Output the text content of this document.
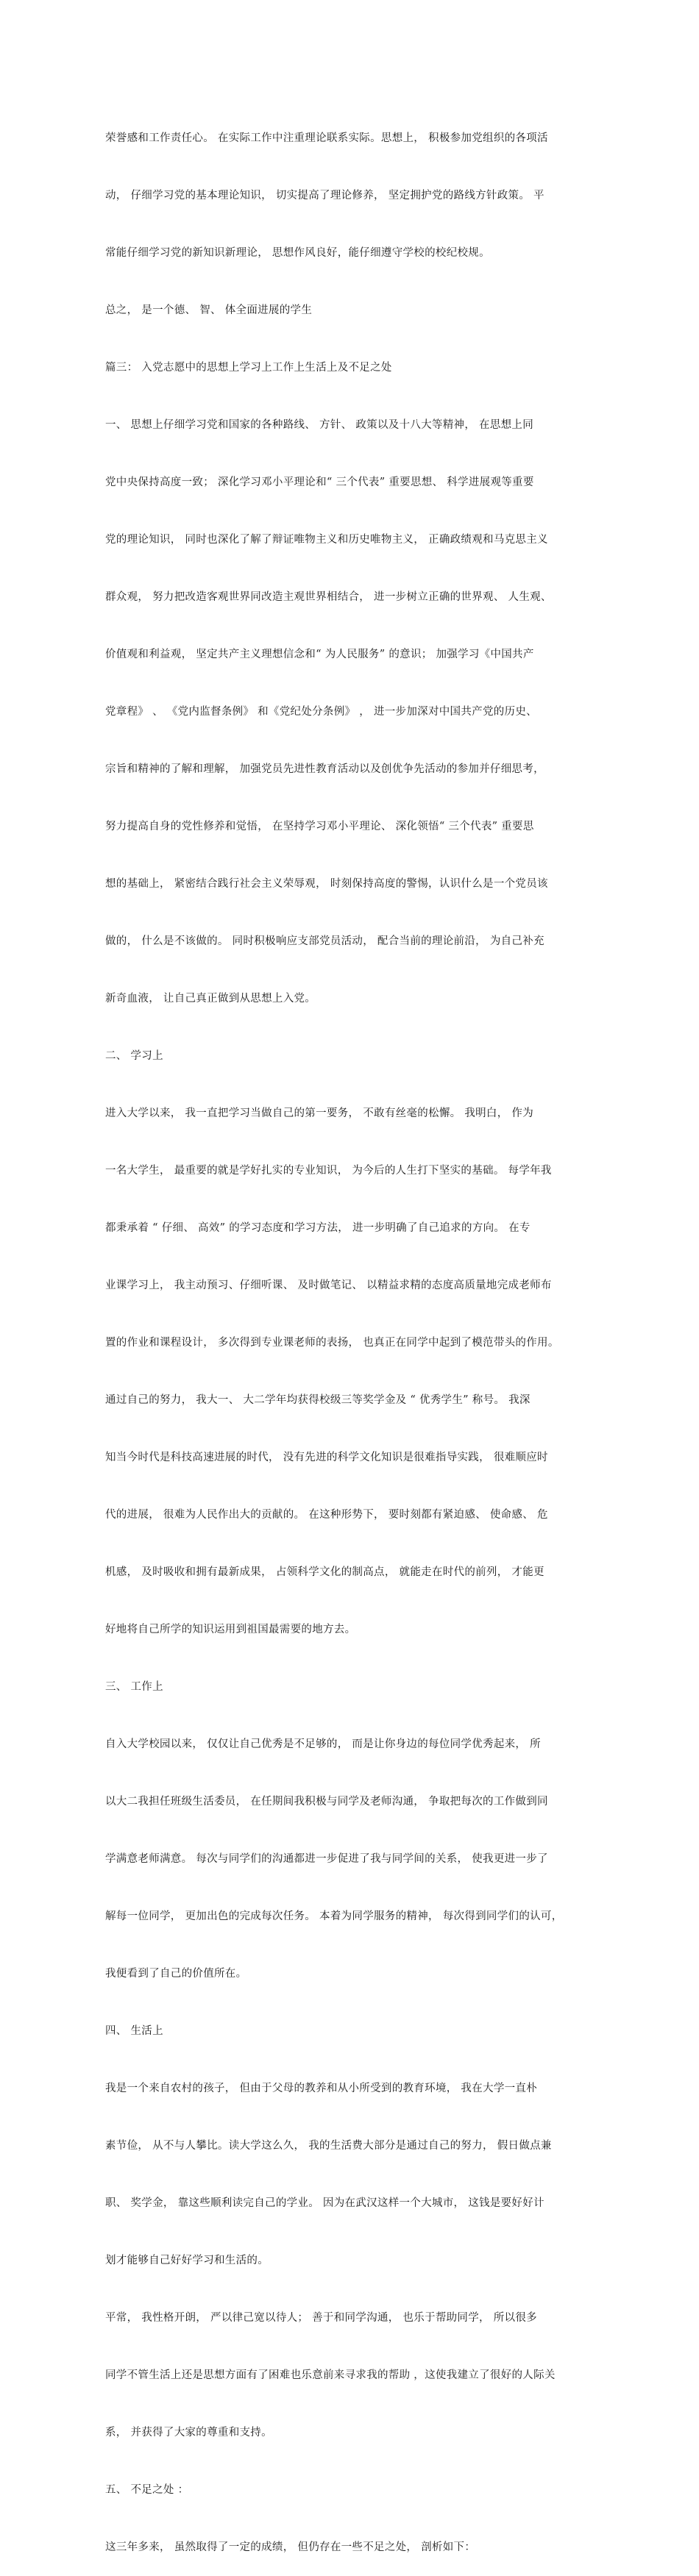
荣誉感和工作责任心。 在实际工作中注重理论联系实际。思想上， 积极参加党组织的各项活

动， 仔细学习党的基本理论知识， 切实提高了理论修养， 坚定拥护党的路线方针政策。 平

常能仔细学习党的新知识新理论， 思想作风良好，能仔细遵守学校的校纪校规。

总之， 是一个德、 智、 体全面进展的学生

篇三： 入党志愿中的思想上学习上工作上生活上及不足之处

一、 思想上仔细学习党和国家的各种路线、 方针、 政策以及十八大等精神， 在思想上同

党中央保持高度一致； 深化学习邓小平理论和“ 三个代表” 重要思想、 科学进展观等重要

党的理论知识， 同时也深化了解了辩证唯物主义和历史唯物主义， 正确政绩观和马克思主义

群众观， 努力把改造客观世界同改造主观世界相结合， 进一步树立正确的世界观、 人生观、

价值观和利益观， 坚定共产主义理想信念和“ 为人民服务” 的意识； 加强学习《中国共产

党章程》 、 《党内监督条例》 和《党纪处分条例》 ， 进一步加深对中国共产党的历史、

宗旨和精神的了解和理解， 加强党员先进性教育活动以及创优争先活动的参加并仔细思考，

努力提高自身的党性修养和觉悟， 在坚持学习邓小平理论、 深化领悟“ 三个代表” 重要思

想的基础上， 紧密结合践行社会主义荣辱观， 时刻保持高度的警惕，认识什么是一个党员该

做的， 什么是不该做的。 同时积极响应支部党员活动， 配合当前的理论前沿， 为自己补充

新奇血液， 让自己真正做到从思想上入党。

二、 学习上

进入大学以来， 我一直把学习当做自己的第一要务， 不敢有丝毫的松懈。 我明白， 作为

一名大学生， 最重要的就是学好扎实的专业知识， 为今后的人生打下坚实的基础。 每学年我

都秉承着 “ 仔细、 高效” 的学习态度和学习方法， 进一步明确了自己追求的方向。 在专

业课学习上， 我主动预习、仔细听课、 及时做笔记、 以精益求精的态度高质量地完成老师布

置的作业和课程设计， 多次得到专业课老师的表扬， 也真正在同学中起到了模范带头的作用。

通过自己的努力， 我大一、 大二学年均获得校级三等奖学金及 “ 优秀学生” 称号。 我深

知当今时代是科技高速进展的时代， 没有先进的科学文化知识是很难指导实践， 很难顺应时

代的进展， 很难为人民作出大的贡献的。 在这种形势下， 要时刻都有紧迫感、 使命感、 危

机感， 及时吸收和拥有最新成果， 占领科学文化的制高点， 就能走在时代的前列， 才能更

好地将自己所学的知识运用到祖国最需要的地方去。

三、 工作上

自入大学校园以来， 仅仅让自己优秀是不足够的， 而是让你身边的每位同学优秀起来， 所

以大二我担任班级生活委员， 在任期间我积极与同学及老师沟通， 争取把每次的工作做到同

学满意老师满意。 每次与同学们的沟通都进一步促进了我与同学间的关系， 使我更进一步了

解每一位同学， 更加出色的完成每次任务。 本着为同学服务的精神， 每次得到同学们的认可，

我便看到了自己的价值所在。

四、 生活上

我是一个来自农村的孩子， 但由于父母的教养和从小所受到的教育环境， 我在大学一直朴

素节俭， 从不与人攀比。读大学这么久， 我的生活费大部分是通过自己的努力， 假日做点兼

职、 奖学金， 靠这些顺利读完自己的学业。 因为在武汉这样一个大城市， 这钱是要好好计

划才能够自己好好学习和生活的。

平常， 我性格开朗， 严以律己宽以待人； 善于和同学沟通， 也乐于帮助同学， 所以很多

同学不管生活上还是思想方面有了困难也乐意前来寻求我的帮助 ，这使我建立了很好的人际关

系， 并获得了大家的尊重和支持。

五、 不足之处 ：

这三年多来， 虽然取得了一定的成绩， 但仍存在一些不足之处， 剖析如下：
